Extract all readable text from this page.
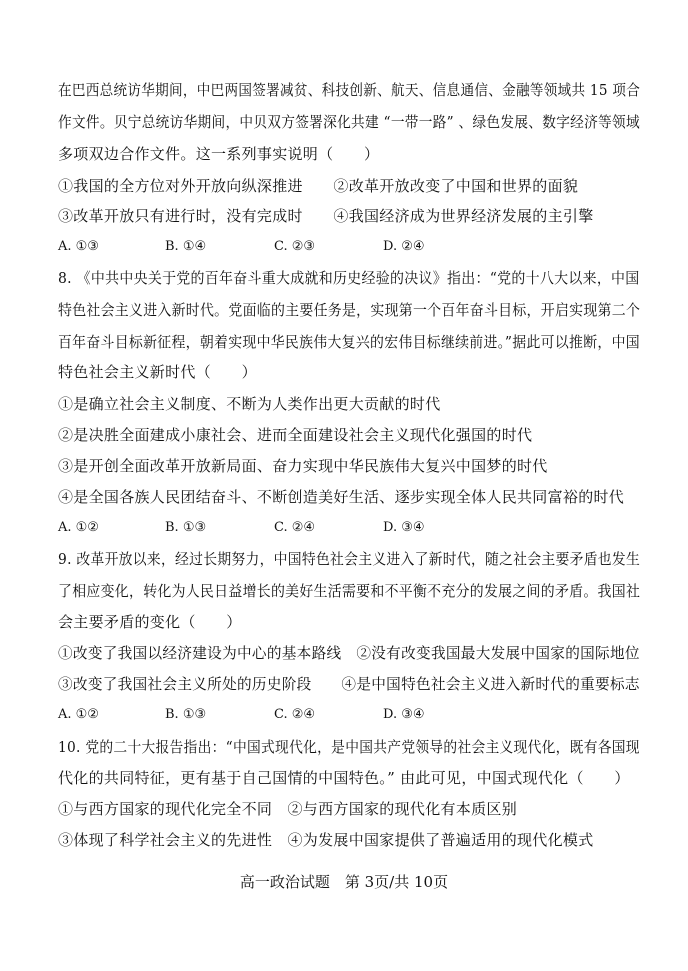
在巴西总统访华期间，中巴两国签署减贫、科技创新、航天、信息通信、金融等领域共 15 项合
作文件。贝宁总统访华期间，中贝双方签署深化共建 “一带一路” 、绿色发展、数字经济等领域
多项双边合作文件。这一系列事实说明（　　）
①我国的全方位对外开放向纵深推进　　②改革开放改变了中国和世界的面貌
③改革开放只有进行时，没有完成时　　④我国经济成为世界经济发展的主引擎
A. ①③	B. ①④	C. ②③	D. ②④
8. 《中共中央关于党的百年奋斗重大成就和历史经验的决议》指出：“党的十八大以来，中国
特色社会主义进入新时代。党面临的主要任务是，实现第一个百年奋斗目标，开启实现第二个
百年奋斗目标新征程，朝着实现中华民族伟大复兴的宏伟目标继续前进。”据此可以推断，中国
特色社会主义新时代（　　）
①是确立社会主义制度、不断为人类作出更大贡献的时代
②是决胜全面建成小康社会、进而全面建设社会主义现代化强国的时代
③是开创全面改革开放新局面、奋力实现中华民族伟大复兴中国梦的时代
④是全国各族人民团结奋斗、不断创造美好生活、逐步实现全体人民共同富裕的时代
A. ①②	B. ①③	C. ②④	D. ③④
9. 改革开放以来，经过长期努力，中国特色社会主义进入了新时代，随之社会主要矛盾也发生
了相应变化，转化为人民日益增长的美好生活需要和不平衡不充分的发展之间的矛盾。我国社
会主要矛盾的变化（　　）
①改变了我国以经济建设为中心的基本路线　②没有改变我国最大发展中国家的国际地位
③改变了我国社会主义所处的历史阶段　　④是中国特色社会主义进入新时代的重要标志
A. ①②	B. ①③	C. ②④	D. ③④
10. 党的二十大报告指出：“中国式现代化，是中国共产党领导的社会主义现代化，既有各国现
代化的共同特征，更有基于自己国情的中国特色。” 由此可见，中国式现代化（　　）
①与西方国家的现代化完全不同　②与西方国家的现代化有本质区别
③体现了科学社会主义的先进性　④为发展中国家提供了普遍适用的现代化模式
高一政治试题　第 3页/共 10页
